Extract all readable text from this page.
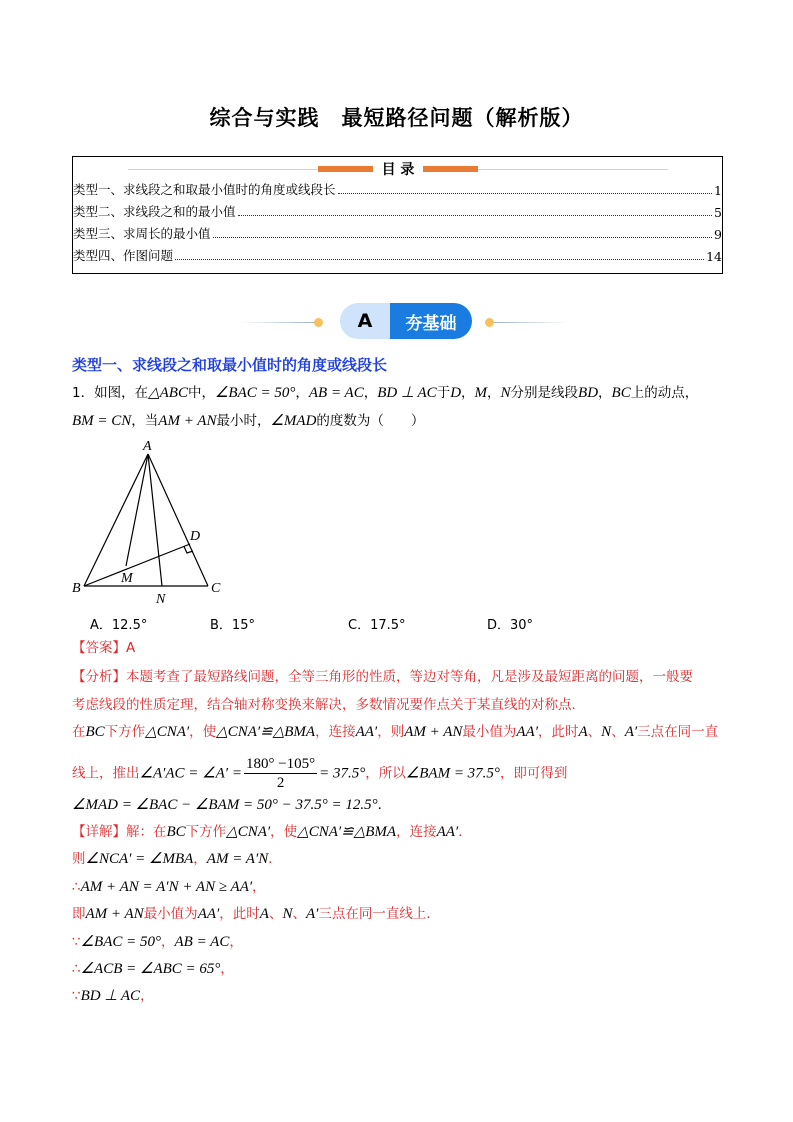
综合与实践　最短路径问题（解析版）
目 录
类型一、求线段之和取最小值时的角度或线段长	1
类型二、求线段之和的最小值	5
类型三、求周长的最小值	9
类型四、作图问题	14
A	夯基础
类型一、求线段之和取最小值时的角度或线段长
1．如图，在△ABC中，∠BAC = 50°，AB = AC，BD ⊥ AC于D，M，N分别是线段BD，BC上的动点，
BM = CN，当AM + AN最小时，∠MAD的度数为（　　）
【答案】A
【分析】本题考查了最短路线问题，全等三角形的性质，等边对等角，凡是涉及最短距离的问题，一般要
考虑线段的性质定理，结合轴对称变换来解决，多数情况要作点关于某直线的对称点.
在BC下方作△CNA′，使△CNA′≌△BMA，连接AA′，则AM + AN最小值为AA′，此时A、N、A′三点在同一直
线上，推出∠A′AC = ∠A′ = $\frac{180^\circ -105^\circ}{2} = 37.5^\circ$，所以∠BAM = 37.5°，即可得到
∠MAD = ∠BAC − ∠BAM = 50° − 37.5° = 12.5°．
【详解】解：在BC下方作△CNA′，使△CNA′≌△BMA，连接AA′．
则∠NCA′ = ∠MBA，AM = A′N．
∴AM + AN = A′N + AN ≥ AA′，
即AM + AN最小值为AA′，此时A、N、A′三点在同一直线上．
∵∠BAC = 50°，AB = AC，
∴∠ACB = ∠ABC = 65°，
∵BD ⊥ AC，
A
D
B
M
N
C
A．12.5°	B．15°	C．17.5°	D．30°
